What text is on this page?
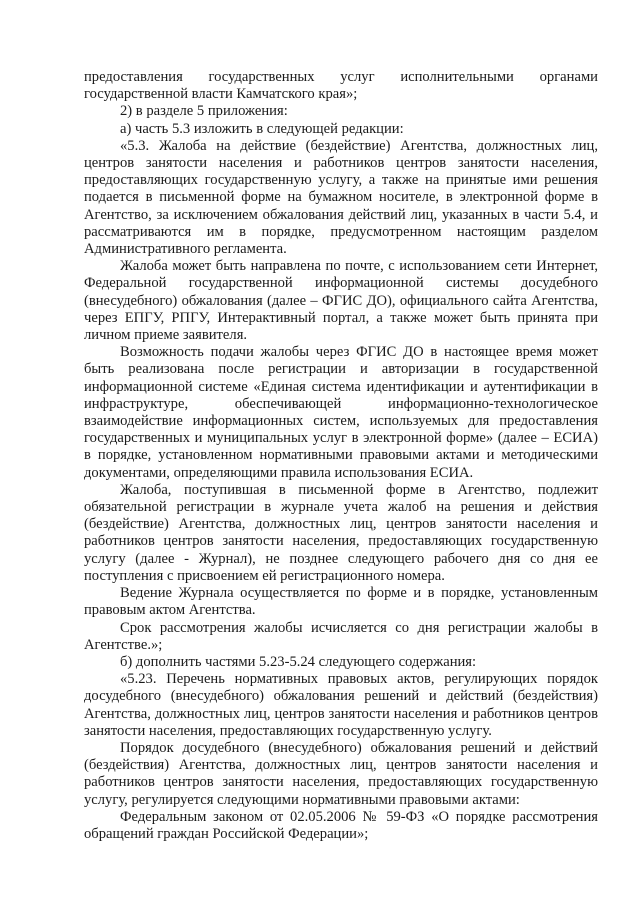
предоставления государственных услуг исполнительными органами государственной власти Камчатского края»;

2) в разделе 5 приложения:

а) часть 5.3 изложить в следующей редакции:

«5.3. Жалоба на действие (бездействие) Агентства, должностных лиц, центров занятости населения и работников центров занятости населения, предоставляющих государственную услугу, а также на принятые ими решения подается в письменной форме на бумажном носителе, в электронной форме в Агентство, за исключением обжалования действий лиц, указанных в части 5.4, и рассматриваются им в порядке, предусмотренном настоящим разделом Административного регламента.

Жалоба может быть направлена по почте, с использованием сети Интернет, Федеральной государственной информационной системы досудебного (внесудебного) обжалования (далее – ФГИС ДО), официального сайта Агентства, через ЕПГУ, РПГУ, Интерактивный портал, а также может быть принята при личном приеме заявителя.

Возможность подачи жалобы через ФГИС ДО в настоящее время может быть реализована после регистрации и авторизации в государственной информационной системе «Единая система идентификации и аутентификации в инфраструктуре, обеспечивающей информационно-технологическое взаимодействие информационных систем, используемых для предоставления государственных и муниципальных услуг в электронной форме» (далее – ЕСИА) в порядке, установленном нормативными правовыми актами и методическими документами, определяющими правила использования ЕСИА.

Жалоба, поступившая в письменной форме в Агентство, подлежит обязательной регистрации в журнале учета жалоб на решения и действия (бездействие) Агентства, должностных лиц, центров занятости населения и работников центров занятости населения, предоставляющих государственную услугу (далее - Журнал), не позднее следующего рабочего дня со дня ее поступления с присвоением ей регистрационного номера.

Ведение Журнала осуществляется по форме и в порядке, установленным правовым актом Агентства.

Срок рассмотрения жалобы исчисляется со дня регистрации жалобы в Агентстве.»;

б) дополнить частями 5.23-5.24 следующего содержания:

«5.23. Перечень нормативных правовых актов, регулирующих порядок досудебного (внесудебного) обжалования решений и действий (бездействия) Агентства, должностных лиц, центров занятости населения и работников центров занятости населения, предоставляющих государственную услугу.

Порядок досудебного (внесудебного) обжалования решений и действий (бездействия) Агентства, должностных лиц, центров занятости населения и работников центров занятости населения, предоставляющих государственную услугу, регулируется следующими нормативными правовыми актами:

Федеральным законом от 02.05.2006 № 59-ФЗ «О порядке рассмотрения обращений граждан Российской Федерации»;
